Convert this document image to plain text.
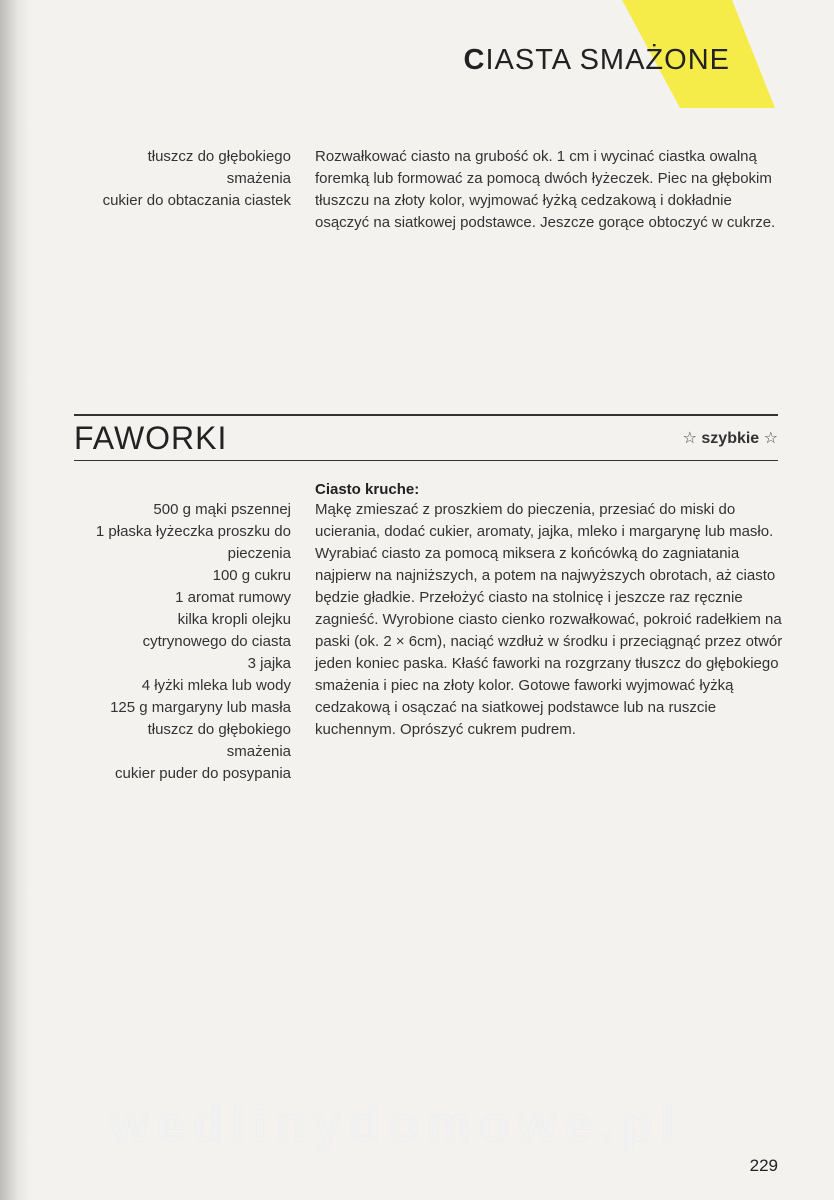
CIASTA SMAŻONE
tłuszcz do głębokiego
smażenia
cukier do obtaczania ciastek

Rozwałkować ciasto na grubość ok. 1 cm i wycinać ciastka owalną foremką lub formować za pomocą dwóch łyżeczek. Piec na głębokim tłuszczu na złoty kolor, wyjmować łyżką cedzakową i dokładnie osączyć na siatkowej podstawce. Jeszcze gorące obtoczyć w cukrze.

FAWORKI	☆ szybkie ☆

Ciasto kruche:

500 g mąki pszennej
1 płaska łyżeczka proszku do
pieczenia
100 g cukru
1 aromat rumowy
kilka kropli olejku
cytrynowego do ciasta
3 jajka
4 łyżki mleka lub wody
125 g margaryny lub masła
tłuszcz do głębokiego
smażenia
cukier puder do posypania

Mąkę zmieszać z proszkiem do pieczenia, przesiać do miski do ucierania, dodać cukier, aromaty, jajka, mleko i margarynę lub masło. Wyrabiać ciasto za pomocą miksera z końcówką do zagniatania najpierw na najniższych, a potem na najwyższych obrotach, aż ciasto będzie gładkie. Przełożyć ciasto na stolnicę i jeszcze raz ręcznie zagnieść. Wyrobione ciasto cienko rozwałkować, pokroić radełkiem na paski (ok. 2 × 6cm), naciąć wzdłuż w środku i przeciągnąć przez otwór jeden koniec paska. Kłaść faworki na rozgrzany tłuszcz do głębokiego smażenia i piec na złoty kolor. Gotowe faworki wyjmować łyżką cedzakową i osączać na siatkowej podstawce lub na ruszcie kuchennym. Oprószyć cukrem pudrem.

wedlinydomowe.pl
229
